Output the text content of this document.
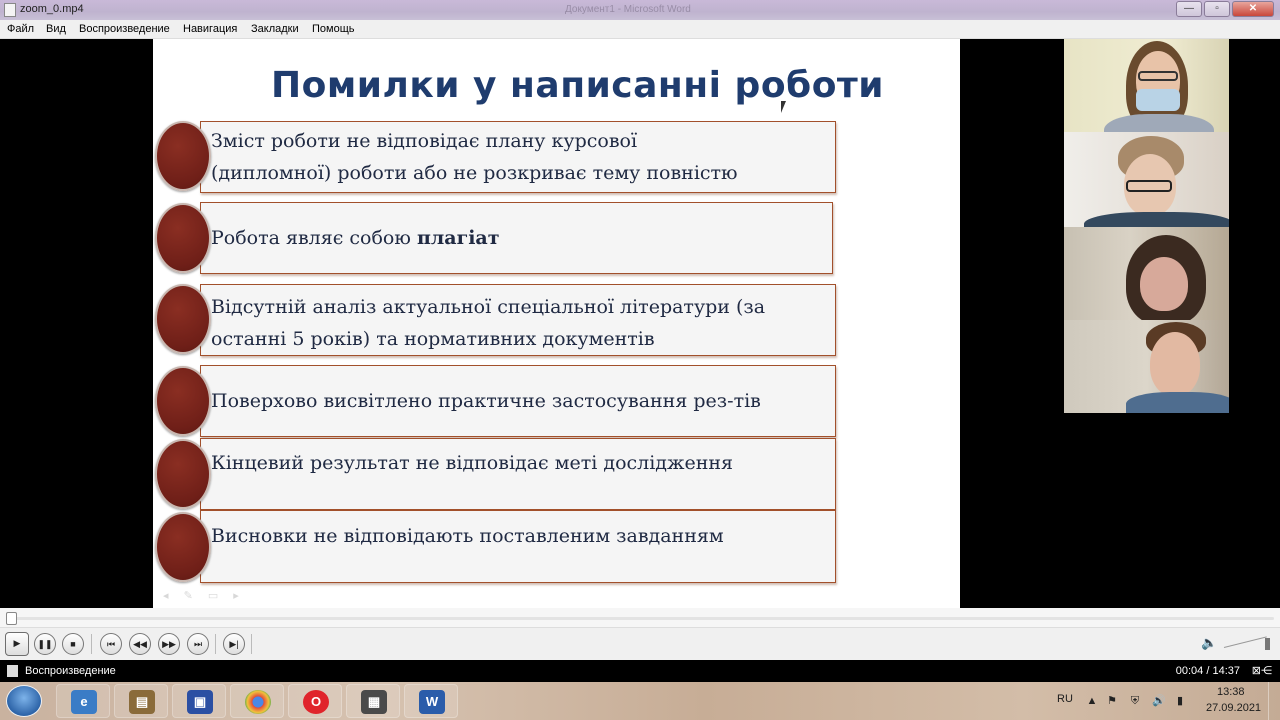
zoom_0.mp4	Документ1 - Microsoft Word	—	▫	✕
Файл Вид Воспроизведение Навигация Закладки Помощь
Помилки у написанні роботи
Зміст роботи не відповідає плану курсової
(дипломної) роботи або не розкриває тему повністю
Робота являє собою плагіат
Відсутній аналіз актуальної спеціальної літератури (за
останні 5 років) та нормативних документів
Поверхово висвітлено практичне застосування рез-тів
Кінцевий результат не відповідає меті дослідження
Висновки не відповідають поставленим завданням
◂ ✎ ▭ ▸
▶	❚❚	■	⏮	◀◀	▶▶	⏭	▶|	🔈
Воспроизведение	00:04 / 14:37 ⊠⋲
e	▤	▣
	O	▦	W	RU ▲ ⚑ ⛨ 🔊 ▮
13:38
27.09.2021
